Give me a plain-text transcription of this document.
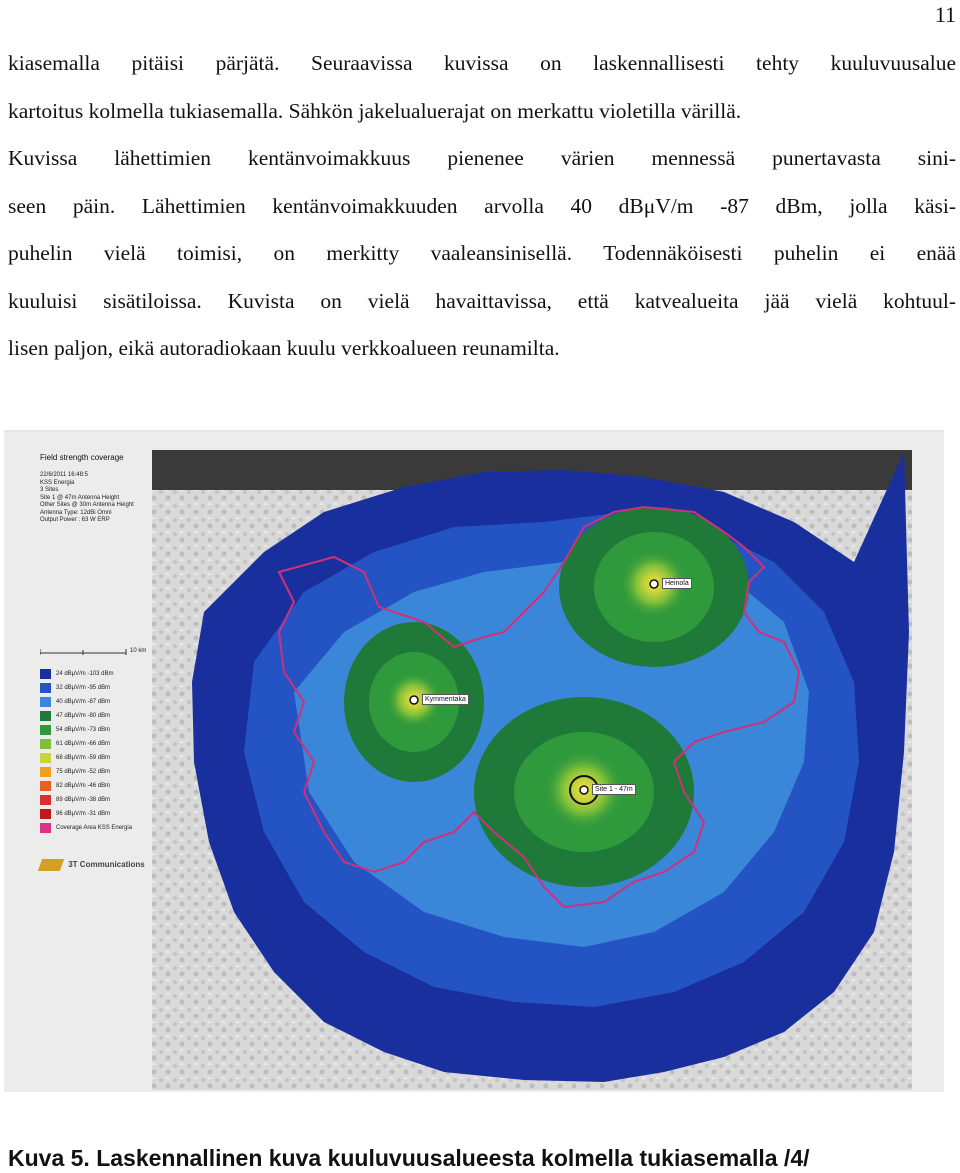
11
kiasemalla pitäisi pärjätä. Seuraavissa kuvissa on laskennallisesti tehty kuuluvuusalue
kartoitus kolmella tukiasemalla. Sähkön jakelualuerajat on merkattu violetilla värillä.
Kuvissa lähettimien kentänvoimakkuus pienenee värien mennessä punertavasta sini-
seen päin. Lähettimien kentänvoimakkuuden arvolla 40 dBμV/m -87 dBm, jolla käsi-
puhelin vielä toimisi, on merkitty vaaleansinisellä. Todennäköisesti puhelin ei enää
kuuluisi sisätiloissa. Kuvista on vielä havaittavissa, että katvealueita jää vielä kohtuul-
lisen paljon, eikä autoradiokaan kuulu verkkoalueen reunamilta.
Heinola
Kymmentaka
Site 1 - 47m
Field strength coverage
22/6/2011 16:48:5
KSS Energia
3 Sites
Site 1 @ 47m Antenna Height
Other Sites @ 30m Antenna Height
Antenna Type: 12dBi Omni
Output Power : 63 W ERP
10 km
24 dBμV/m -103 dBm
32 dBμV/m -95 dBm
40 dBμV/m -87 dBm
47 dBμV/m -80 dBm
54 dBμV/m -73 dBm
61 dBμV/m -66 dBm
68 dBμV/m -59 dBm
75 dBμV/m -52 dBm
82 dBμV/m -46 dBm
89 dBμV/m -38 dBm
96 dBμV/m -31 dBm
Coverage Area KSS Energia
3T Communications
Kuva 5. Laskennallinen kuva kuuluvuusalueesta kolmella tukiasemalla /4/
